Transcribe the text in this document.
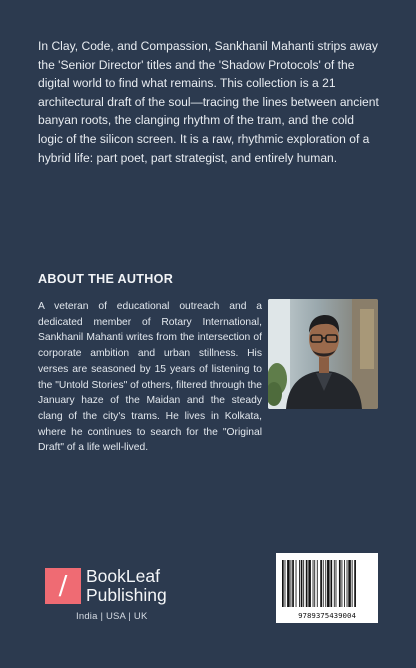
In Clay, Code, and Compassion, Sankhanil Mahanti strips away the 'Senior Director' titles and the 'Shadow Protocols' of the digital world to find what remains. This collection is a 21 architectural draft of the soul—tracing the lines between ancient banyan roots, the clanging rhythm of the tram, and the cold logic of the silicon screen. It is a raw, rhythmic exploration of a hybrid life: part poet, part strategist, and entirely human.

ABOUT THE AUTHOR

A veteran of educational outreach and a dedicated member of Rotary International, Sankhanil Mahanti writes from the intersection of corporate ambition and urban stillness. His verses are seasoned by 15 years of listening to the "Untold Stories" of others, filtered through the January haze of the Maidan and the steady clang of the city's trams. He lives in Kolkata, where he continues to search for the "Original Draft" of a life well-lived.

/	BookLeaf
Publishing
India | USA | UK	9789375439004
